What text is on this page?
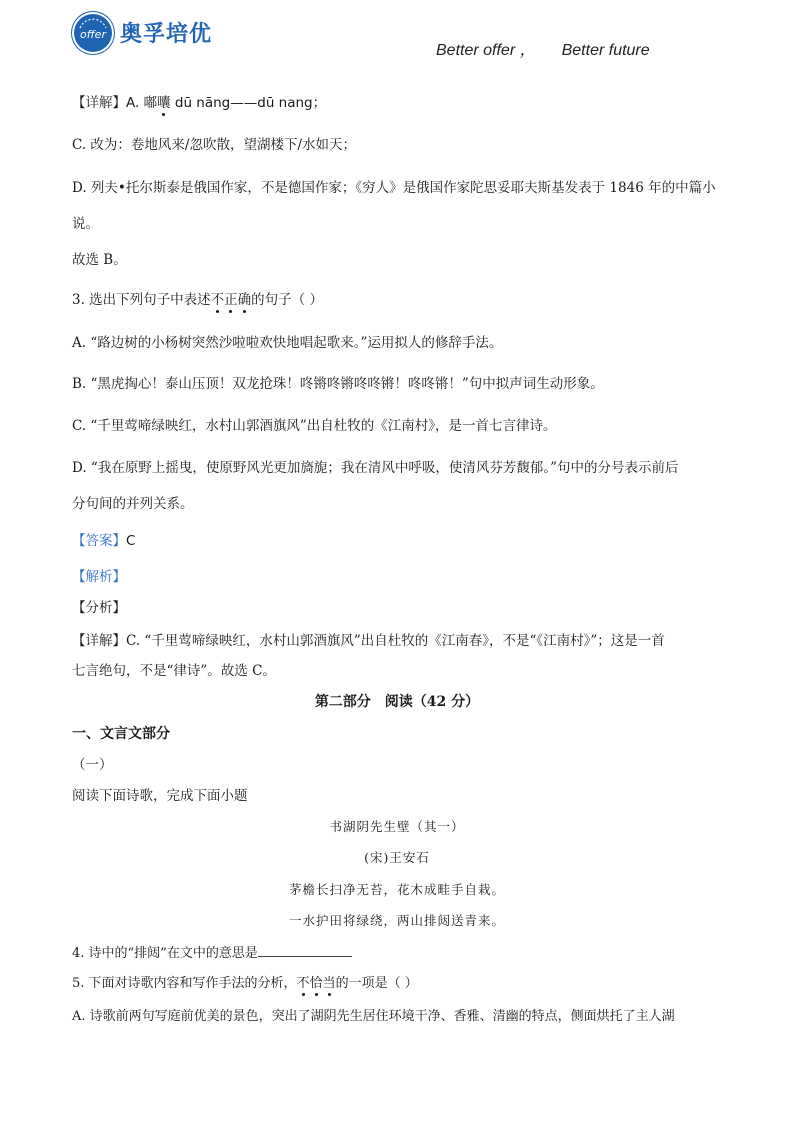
offer 奥孚培优
Better offer ， Better future
【详解】A. 嘟囔 dū nāng——dū nang；
C. 改为：卷地风来/忽吹散，望湖楼下/水如天；
D. 列夫•托尔斯泰是俄国作家，不是德国作家；《穷人》是俄国作家陀思妥耶夫斯基发表于 1846 年的中篇小
说。
故选 B。
3. 选出下列句子中表述不正确的句子（ ）
A. “路边树的小杨树突然沙啦啦欢快地唱起歌来。”运用拟人的修辞手法。
B. “黑虎掏心！泰山压顶！双龙抢珠！咚锵咚锵咚咚锵！咚咚锵！”句中拟声词生动形象。
C. “千里莺啼绿映红，水村山郭酒旗风”出自杜牧的《江南村》，是一首七言律诗。
D. “我在原野上摇曳，使原野风光更加旖旎；我在清风中呼吸，使清风芬芳馥郁。”句中的分号表示前后
分句间的并列关系。
【答案】C
【解析】
【分析】
【详解】C. “千里莺啼绿映红，水村山郭酒旗风”出自杜牧的《江南春》，不是“《江南村》”；这是一首
七言绝句，不是“律诗”。故选 C。
第二部分　阅读（42 分）
一、文言文部分
（一）
阅读下面诗歌，完成下面小题
书湖阴先生壁（其一）
(宋)王安石
茅檐长扫净无苔，花木成畦手自栽。
一水护田将绿绕，两山排闼送青来。
4. 诗中的“排闼”在文中的意思是
5. 下面对诗歌内容和写作手法的分析，不恰当的一项是（ ）
A. 诗歌前两句写庭前优美的景色，突出了湖阴先生居住环境干净、香雅、清幽的特点，侧面烘托了主人湖
